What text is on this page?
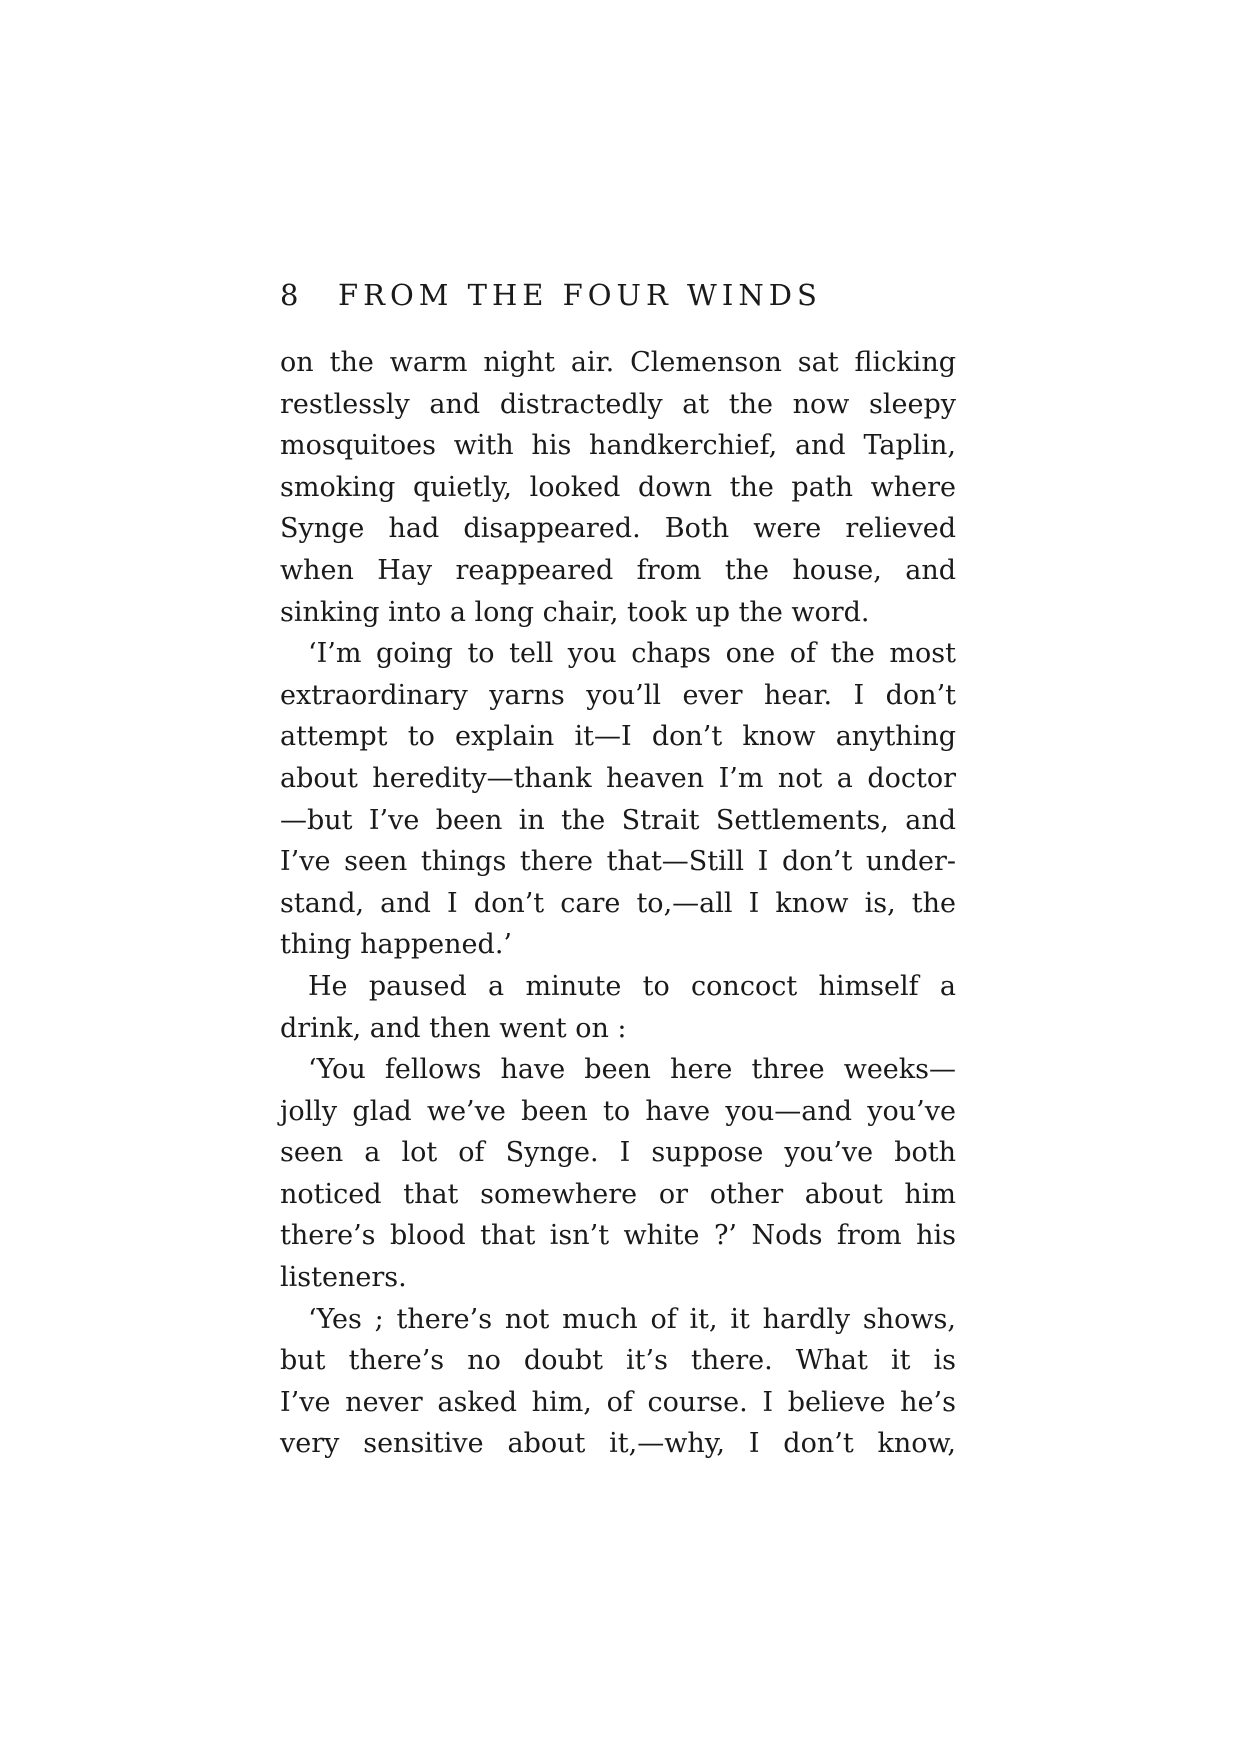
8 FROM THE FOUR WINDS
on the warm night air. Clemenson sat flicking
restlessly and distractedly at the now sleepy
mosquitoes with his handkerchief, and Taplin,
smoking quietly, looked down the path where
Synge had disappeared. Both were relieved
when Hay reappeared from the house, and
sinking into a long chair, took up the word.
‘I’m going to tell you chaps one of the most
extraordinary yarns you’ll ever hear. I don’t
attempt to explain it—I don’t know anything
about heredity—thank heaven I’m not a doctor
—but I’ve been in the Strait Settlements, and
I’ve seen things there that—Still I don’t under-
stand, and I don’t care to,—all I know is, the
thing happened.’
He paused a minute to concoct himself a
drink, and then went on :
‘You fellows have been here three weeks—
jolly glad we’ve been to have you—and you’ve
seen a lot of Synge. I suppose you’ve both
noticed that somewhere or other about him
there’s blood that isn’t white ?’ Nods from his
listeners.
‘Yes ; there’s not much of it, it hardly shows,
but there’s no doubt it’s there. What it is
I’ve never asked him, of course. I believe he’s
very sensitive about it,—why, I don’t know,
